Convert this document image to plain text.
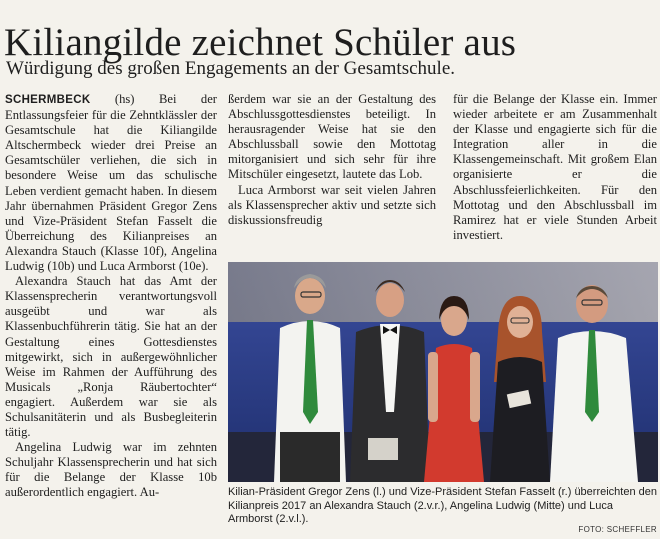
Kiliangilde zeichnet Schüler aus
Würdigung des großen Engagements an der Gesamtschule.

SCHERMBECK (hs) Bei der Entlassungsfeier für die Zehntklässler der Gesamtschule hat die Kiliangilde Altschermbeck wieder drei Preise an Gesamtschüler verliehen, die sich in besondere Weise um das schulische Leben verdient gemacht haben. In diesem Jahr übernahmen Präsident Gregor Zens und Vize-Präsident Stefan Fasselt die Überreichung des Kilianpreises an Alexandra Stauch (Klasse 10f), Angelina Ludwig (10b) und Luca Armborst (10e).

Alexandra Stauch hat das Amt der Klassensprecherin verantwortungsvoll ausgeübt und war als Klassenbuchführerin tätig. Sie hat an der Gestaltung eines Gottesdienstes mitgewirkt, sich in außergewöhnlicher Weise im Rahmen der Aufführung des Musicals „Ronja Räubertochter“ engagiert. Außerdem war sie als Schulsanitäterin und als Busbegleiterin tätig.

Angelina Ludwig war im zehnten Schuljahr Klassensprecherin und hat sich für die Belange der Klasse 10b außerordentlich engagiert. Au-

ßerdem war sie an der Gestaltung des Abschlussgottesdienstes beteiligt. In herausragender Weise hat sie den Abschlussball sowie den Mottotag mitorganisiert und sich sehr für ihre Mitschüler eingesetzt, lautete das Lob.

Luca Armborst war seit vielen Jahren als Klassensprecher aktiv und setzte sich diskussionsfreudig

für die Belange der Klasse ein. Immer wieder arbeitete er am Zusammenhalt der Klasse und engagierte sich für die Integration aller in die Klassengemeinschaft. Mit großem Elan organisierte er die Abschlussfeierlichkeiten. Für den Mottotag und den Abschlussball im Ramirez hat er viele Stunden Arbeit investiert.

Kilian-Präsident Gregor Zens (l.) und Vize-Präsident Stefan Fasselt (r.) überreichten den Kilianpreis 2017 an Alexandra Stauch (2.v.r.), Angelina Ludwig (Mitte) und Luca Armborst (2.v.l.).
FOTO: SCHEFFLER
